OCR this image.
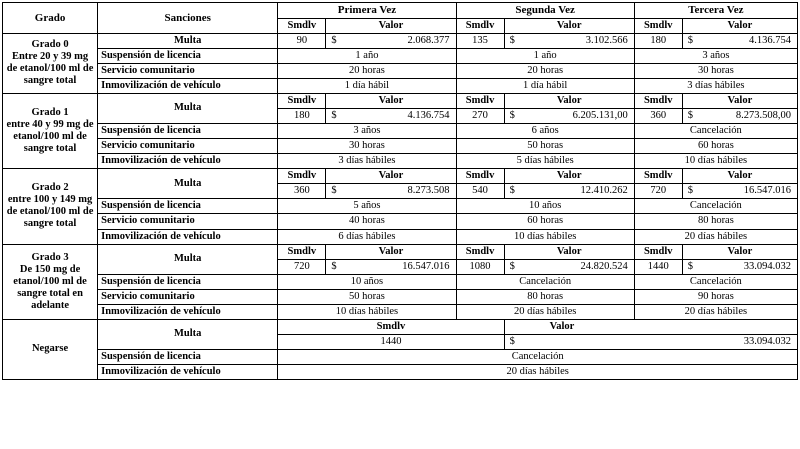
Grado	Sanciones	Primera Vez		Segunda Vez		Tercera Vez	
		Smdlv	Valor	Smdlv	Valor	Smdlv	Valor

Grado 0
Entre 20 y 39 mg de etanol/100 ml de sangre total
	Multa	90	$	2.068.377	135	$	3.102.566	180	$	4.136.754

	Suspensión de licencia	1 año		1 año		3 años	
	Servicio comunitario	20 horas		20 horas		30 horas	
	Inmovilización de vehículo	1 día hábil		1 día hábil		3 días hábiles	

Grado 1
entre 40 y 99 mg de etanol/100 ml de sangre total	Multa	Smdlv	Valor	Smdlv	Valor	Smdlv	Valor
		180	$ 4.136.754	270	$ 6.205.131,00	360	$ 8.273.508,00

	Suspensión de licencia	3 años		6 años		Cancelación	
	Servicio comunitario	30 horas		50 horas		60 horas	
	Inmovilización de vehículo	3 días hábiles		5 días hábiles		10 días hábiles	

Grado 2
entre 100 y 149 mg de etanol/100 ml de sangre total	Multa	Smdlv	Valor	Smdlv	Valor	Smdlv	Valor
		360	$ 8.273.508	540	$ 12.410.262	720	$ 16.547.016

	Suspensión de licencia	5 años		10 años		Cancelación	
	Servicio comunitario	40 horas		60 horas		80 horas	
	Inmovilización de vehículo	6 días hábiles		10 días hábiles		20 días hábiles	

Grado 3
De 150 mg de etanol/100 ml de sangre total en adelante	Multa	Smdlv	Valor	Smdlv	Valor	Smdlv	Valor
		720	$ 16.547.016	1080	$ 24.820.524	1440	$ 33.094.032

	Suspensión de licencia	10 años		Cancelación		Cancelación	
	Servicio comunitario	50 horas		80 horas		90 horas	
	Inmovilización de vehículo	10 días hábiles		20 días hábiles		20 días hábiles	
Negarse	Multa	Smdlv			Valor		
		1440			$ 33.094.032		

	Suspensión de licencia	Cancelación					
	Inmovilización de vehículo	20 días hábiles					
